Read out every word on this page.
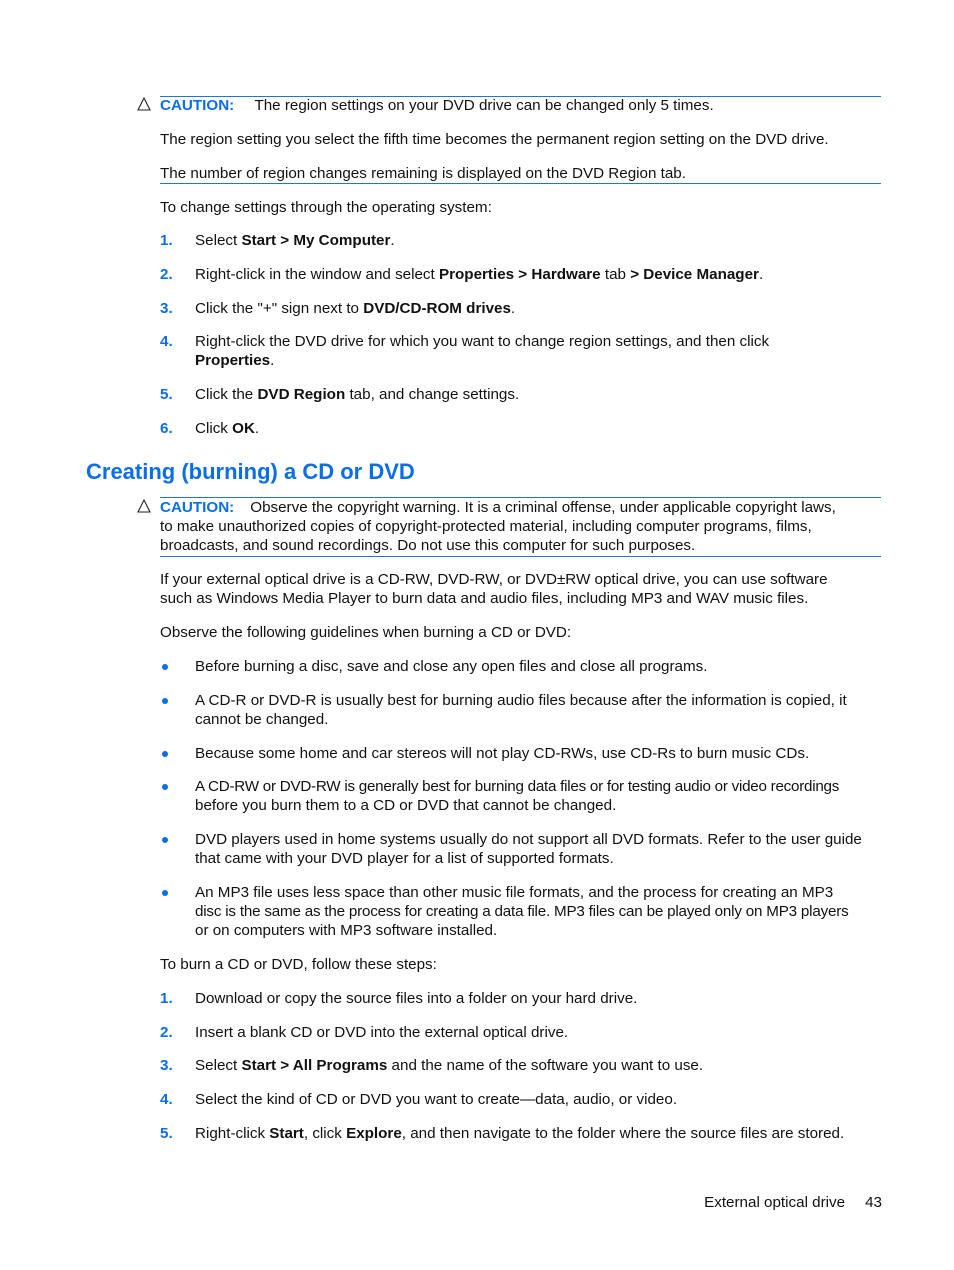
CAUTION: The region settings on your DVD drive can be changed only 5 times.
The region setting you select the fifth time becomes the permanent region setting on the DVD drive.
The number of region changes remaining is displayed on the DVD Region tab.
To change settings through the operating system:
1. Select Start > My Computer.
2. Right-click in the window and select Properties > Hardware tab > Device Manager.
3. Click the "+" sign next to DVD/CD-ROM drives.
4. Right-click the DVD drive for which you want to change region settings, and then click
Properties.
5. Click the DVD Region tab, and change settings.
6. Click OK.
Creating (burning) a CD or DVD
CAUTION: Observe the copyright warning. It is a criminal offense, under applicable copyright laws,
to make unauthorized copies of copyright-protected material, including computer programs, films,
broadcasts, and sound recordings. Do not use this computer for such purposes.
If your external optical drive is a CD-RW, DVD-RW, or DVD±RW optical drive, you can use software
such as Windows Media Player to burn data and audio files, including MP3 and WAV music files.
Observe the following guidelines when burning a CD or DVD:
Before burning a disc, save and close any open files and close all programs.
A CD-R or DVD-R is usually best for burning audio files because after the information is copied, it
cannot be changed.
Because some home and car stereos will not play CD-RWs, use CD-Rs to burn music CDs.
A CD-RW or DVD-RW is generally best for burning data files or for testing audio or video recordings
before you burn them to a CD or DVD that cannot be changed.
DVD players used in home systems usually do not support all DVD formats. Refer to the user guide
that came with your DVD player for a list of supported formats.
An MP3 file uses less space than other music file formats, and the process for creating an MP3
disc is the same as the process for creating a data file. MP3 files can be played only on MP3 players
or on computers with MP3 software installed.
To burn a CD or DVD, follow these steps:
1. Download or copy the source files into a folder on your hard drive.
2. Insert a blank CD or DVD into the external optical drive.
3. Select Start > All Programs and the name of the software you want to use.
4. Select the kind of CD or DVD you want to create—data, audio, or video.
5. Right-click Start, click Explore, and then navigate to the folder where the source files are stored.
External optical drive 43
